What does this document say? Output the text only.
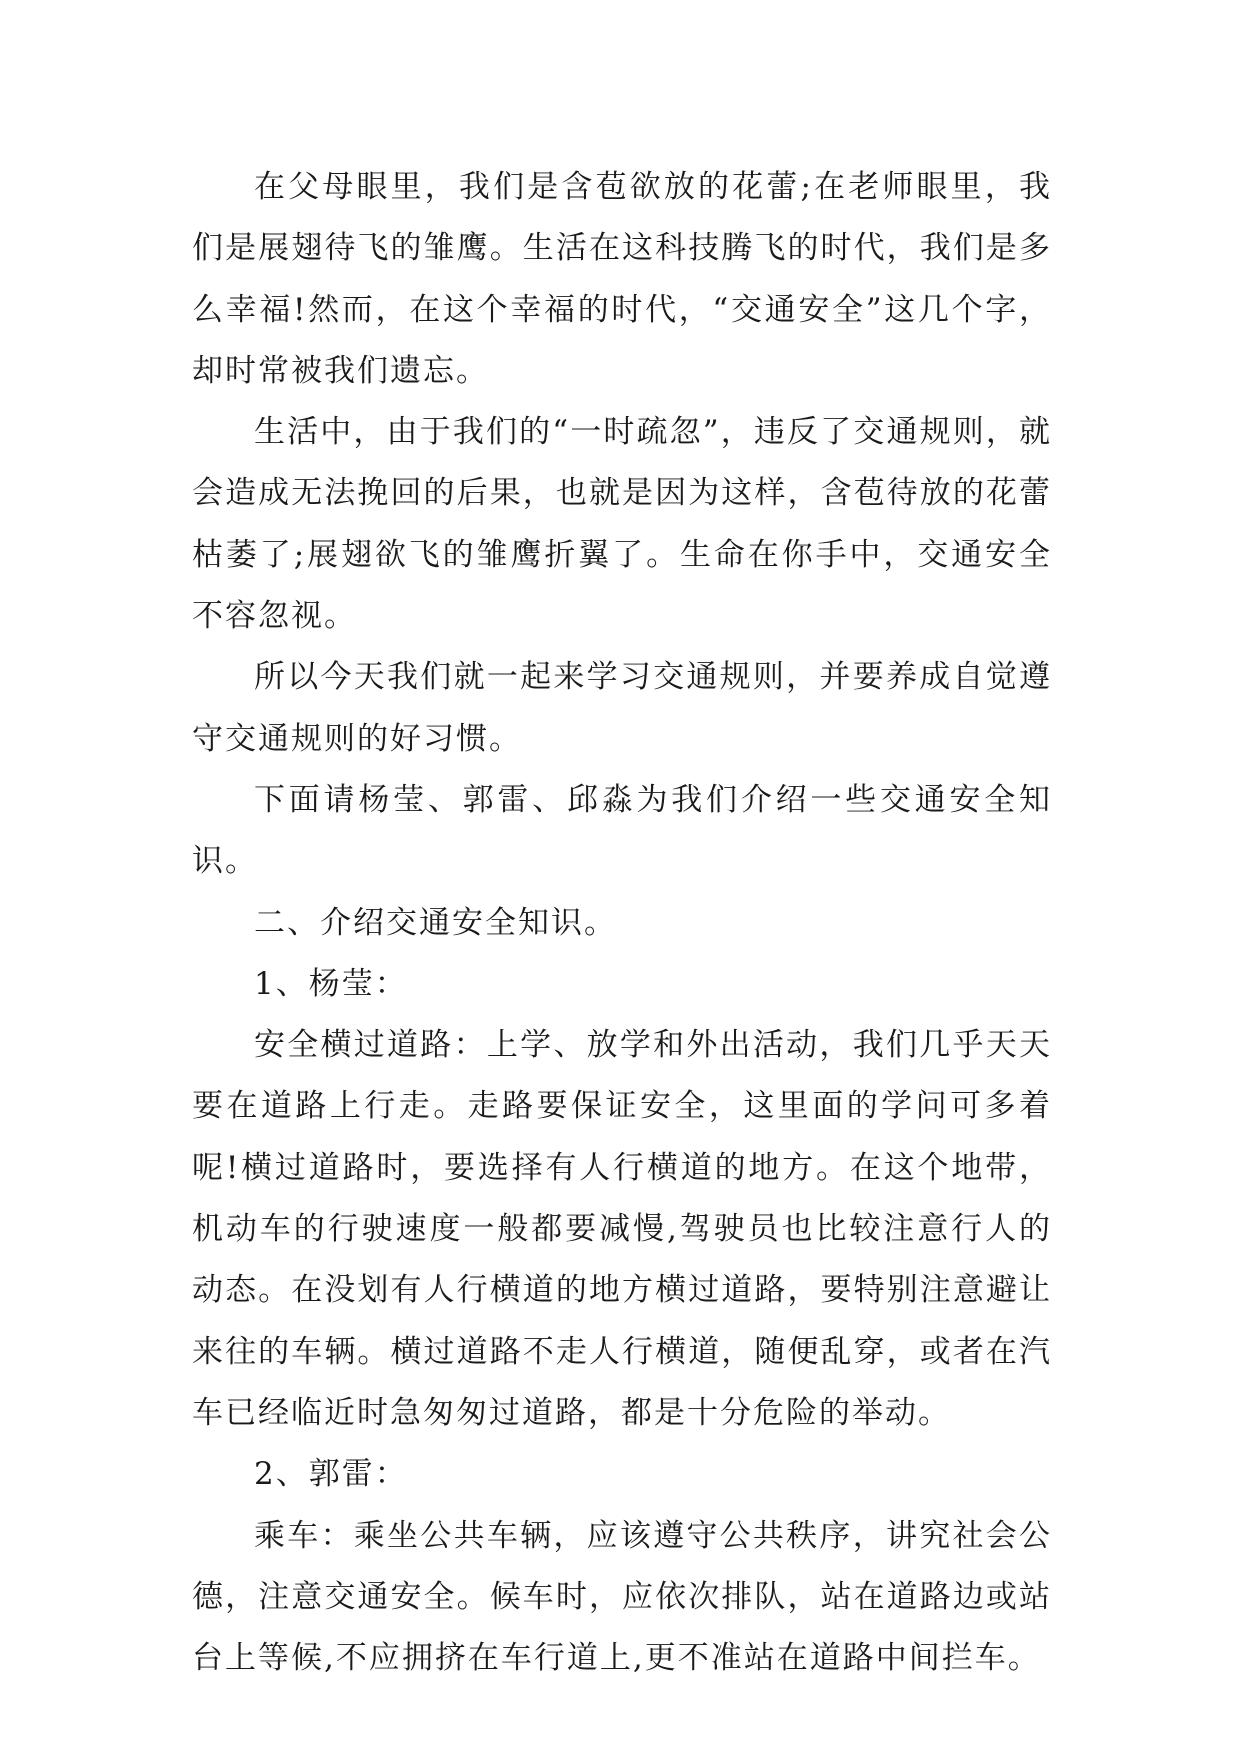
在父母眼里，我们是含苞欲放的花蕾;在老师眼里，我们是展翅待飞的雏鹰。生活在这科技腾飞的时代，我们是多么幸福!然而，在这个幸福的时代，“交通安全”这几个字，却时常被我们遗忘。

生活中，由于我们的“一时疏忽”，违反了交通规则，就会造成无法挽回的后果，也就是因为这样，含苞待放的花蕾枯萎了;展翅欲飞的雏鹰折翼了。生命在你手中，交通安全不容忽视。

所以今天我们就一起来学习交通规则，并要养成自觉遵守交通规则的好习惯。

下面请杨莹、郭雷、邱淼为我们介绍一些交通安全知识。

二、介绍交通安全知识。

1、杨莹：

安全横过道路：上学、放学和外出活动，我们几乎天天要在道路上行走。走路要保证安全，这里面的学问可多着呢!横过道路时，要选择有人行横道的地方。在这个地带，机动车的行驶速度一般都要减慢,驾驶员也比较注意行人的动态。在没划有人行横道的地方横过道路，要特别注意避让来往的车辆。横过道路不走人行横道，随便乱穿，或者在汽车已经临近时急匆匆过道路，都是十分危险的举动。

2、郭雷：

乘车：乘坐公共车辆，应该遵守公共秩序，讲究社会公德，注意交通安全。候车时，应依次排队，站在道路边或站台上等候,不应拥挤在车行道上,更不准站在道路中间拦车。
